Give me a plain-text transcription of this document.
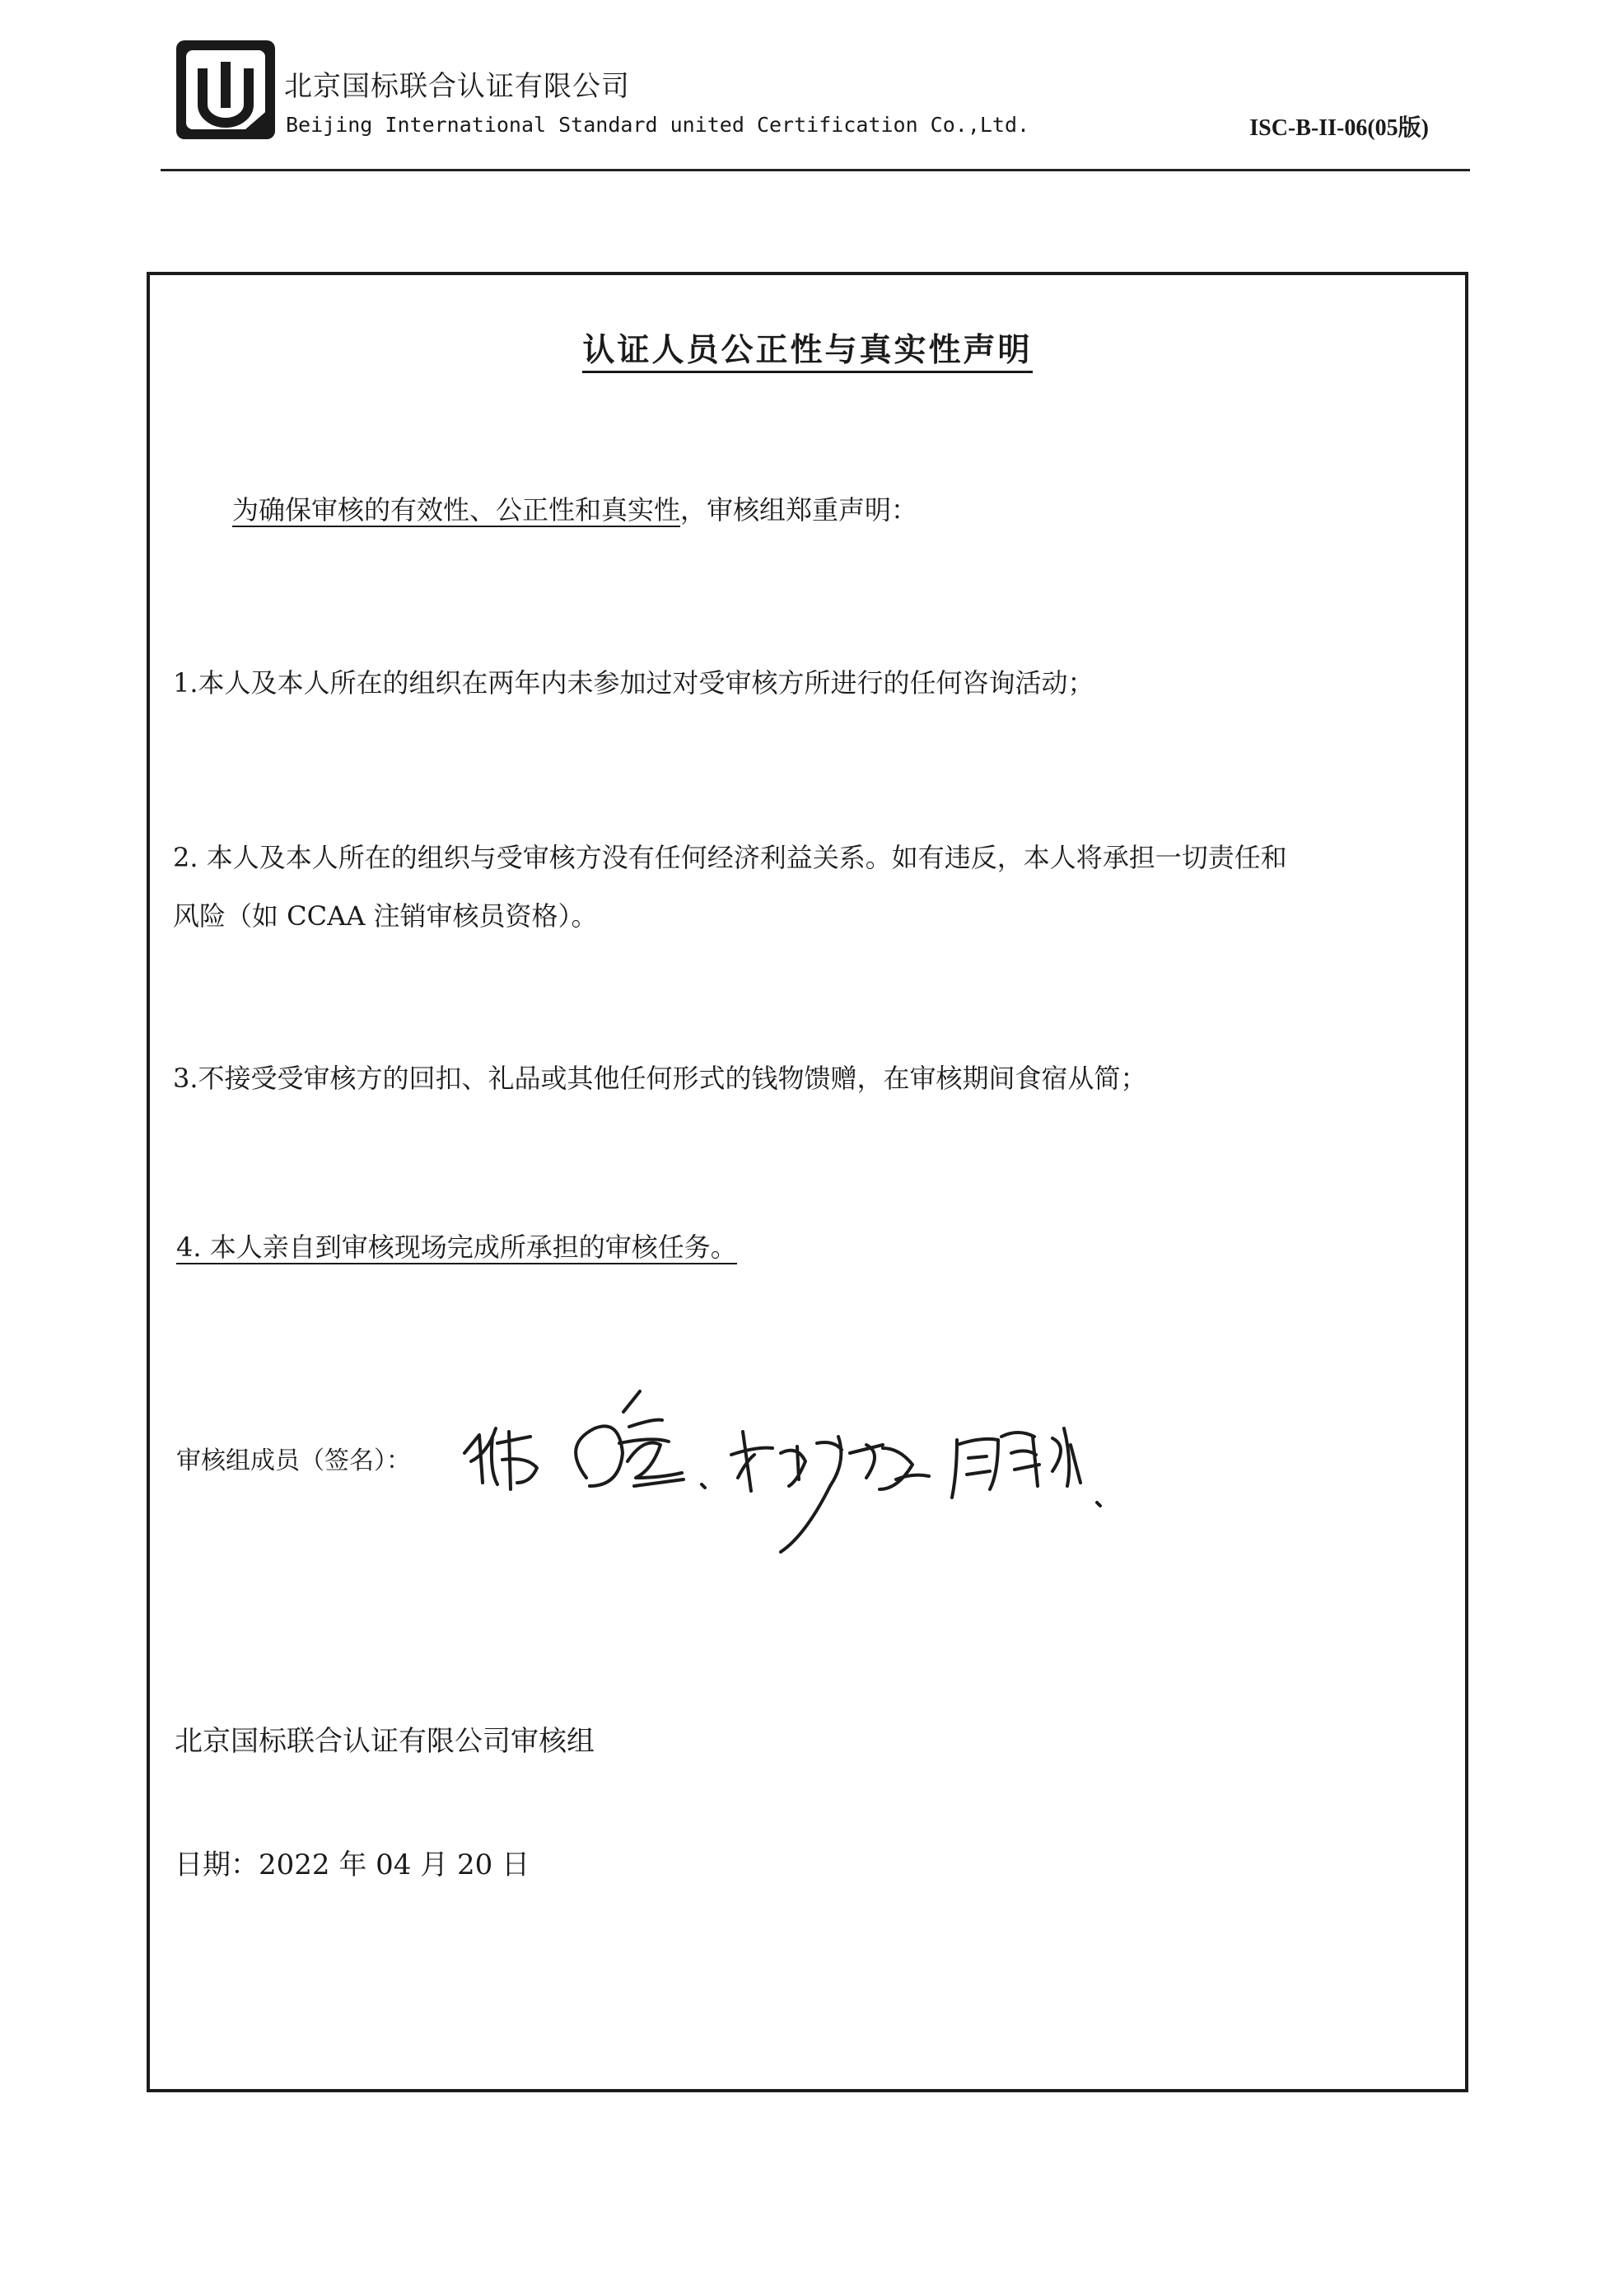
北京国标联合认证有限公司
Beijing International Standard united Certification Co.,Ltd.	ISC-B-II-06(05版)
认证人员公正性与真实性声明
为确保审核的有效性、公正性和真实性，审核组郑重声明：
1.本人及本人所在的组织在两年内未参加过对受审核方所进行的任何咨询活动；
2. 本人及本人所在的组织与受审核方没有任何经济利益关系。如有违反，本人将承担一切责任和
风险（如 CCAA 注销审核员资格）。
3.不接受受审核方的回扣、礼品或其他任何形式的钱物馈赠，在审核期间食宿从简；
4. 本人亲自到审核现场完成所承担的审核任务。
审核组成员（签名）：
北京国标联合认证有限公司审核组
日期：2022 年 04 月 20 日
